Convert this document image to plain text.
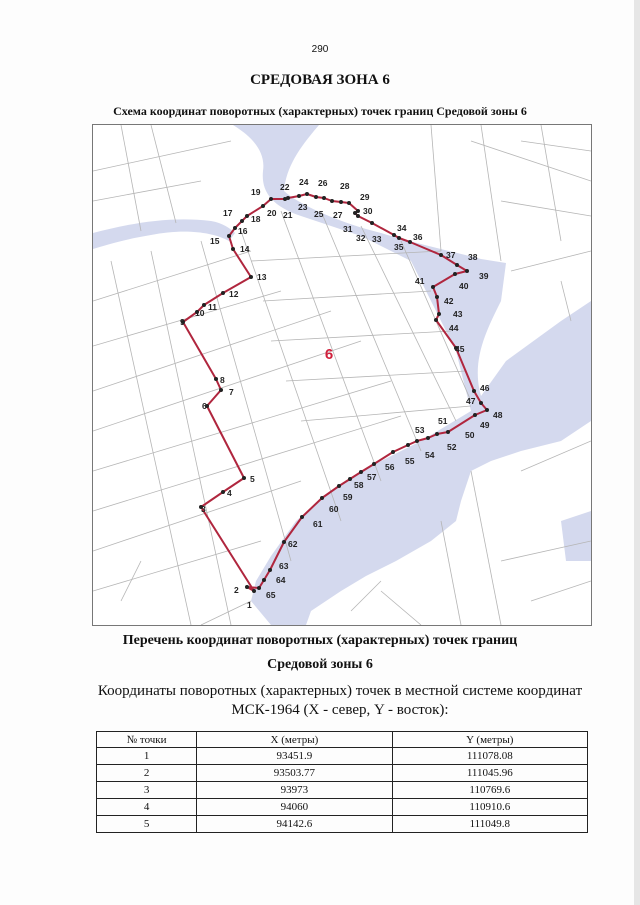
290
СРЕДОВАЯ ЗОНА 6
Схема координат поворотных (характерных) точек границ Средовой зоны 6
1
2	65
64
63
62
61
60
59
58
57
56
55
54
53
52
51
50
49
48
47
46
45
44
43
42
41	40
39
38
37
36
35
34
33
32
31
30
29
28
27
26
25
24
23
22
21
20
19
18
17
16
15
14
13
12
11
10
9
8
7
6
5
4
3
6
Перечень координат поворотных (характерных) точек границ
Средовой зоны 6
Координаты поворотных (характерных) точек в местной системе координат МСК-1964 (X - север, Y - восток):
№ точки	X (метры)	Y (метры)
1	93451.9	111078.08
2	93503.77	111045.96
3	93973	110769.6
4	94060	110910.6
5	94142.6	111049.8
